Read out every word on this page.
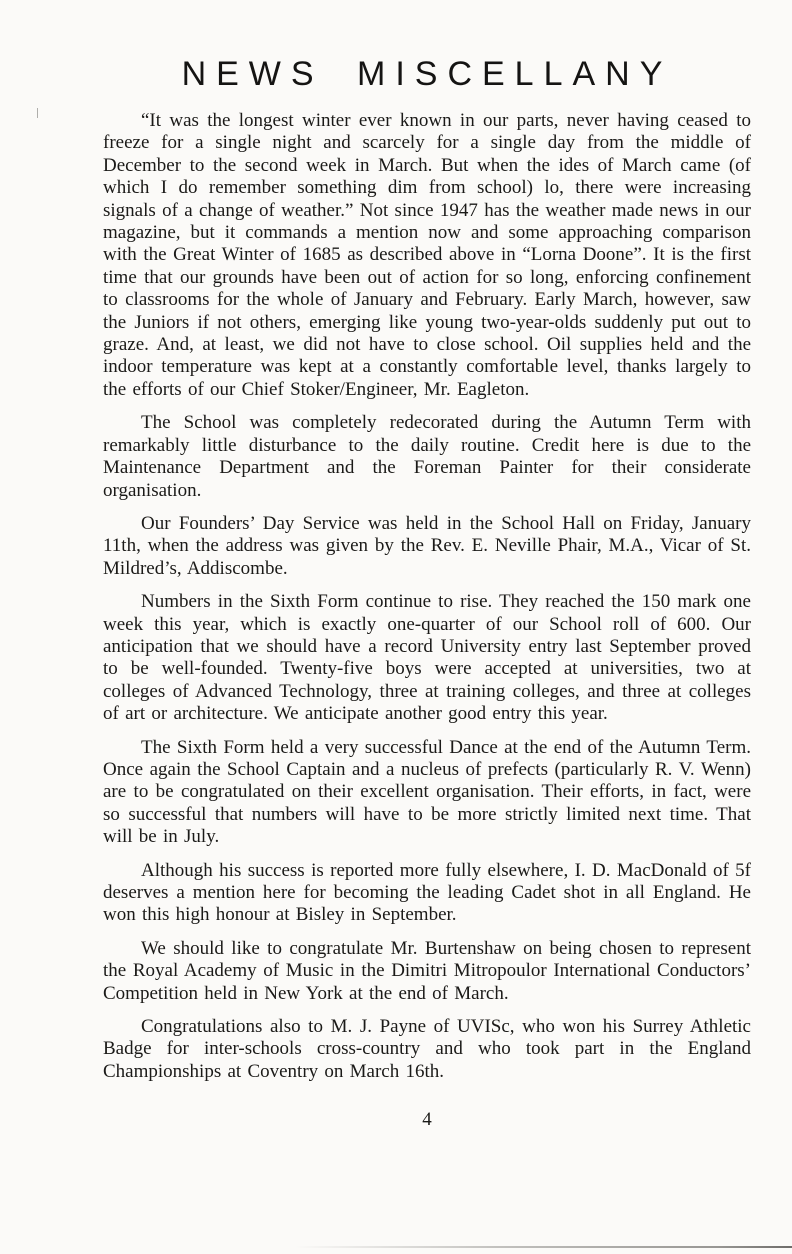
NEWS MISCELLANY

“It was the longest winter ever known in our parts, never having ceased to freeze for a single night and scarcely for a single day from the middle of December to the second week in March. But when the ides of March came (of which I do remember something dim from school) lo, there were increasing signals of a change of weather.” Not since 1947 has the weather made news in our magazine, but it commands a mention now and some approaching comparison with the Great Winter of 1685 as described above in “Lorna Doone”. It is the first time that our grounds have been out of action for so long, enforcing confinement to classrooms for the whole of January and February. Early March, however, saw the Juniors if not others, emerging like young two-year-olds suddenly put out to graze. And, at least, we did not have to close school. Oil supplies held and the indoor temperature was kept at a constantly comfortable level, thanks largely to the efforts of our Chief Stoker/Engineer, Mr. Eagleton.

The School was completely redecorated during the Autumn Term with remarkably little disturbance to the daily routine. Credit here is due to the Maintenance Department and the Foreman Painter for their considerate organisation.

Our Founders’ Day Service was held in the School Hall on Friday, January 11th, when the address was given by the Rev. E. Neville Phair, M.A., Vicar of St. Mildred’s, Addiscombe.

Numbers in the Sixth Form continue to rise. They reached the 150 mark one week this year, which is exactly one-quarter of our School roll of 600. Our anticipation that we should have a record University entry last September proved to be well-founded. Twenty-five boys were accepted at universities, two at colleges of Advanced Technology, three at training colleges, and three at colleges of art or architecture. We anticipate another good entry this year.

The Sixth Form held a very successful Dance at the end of the Autumn Term. Once again the School Captain and a nucleus of prefects (particularly R. V. Wenn) are to be congratulated on their excellent organisation. Their efforts, in fact, were so successful that numbers will have to be more strictly limited next time. That will be in July.

Although his success is reported more fully elsewhere, I. D. MacDonald of 5f deserves a mention here for becoming the leading Cadet shot in all England. He won this high honour at Bisley in September.

We should like to congratulate Mr. Burtenshaw on being chosen to represent the Royal Academy of Music in the Dimitri Mitropoulor International Conductors’ Competition held in New York at the end of March.

Congratulations also to M. J. Payne of UVISc, who won his Surrey Athletic Badge for inter-schools cross-country and who took part in the England Championships at Coventry on March 16th.

4
